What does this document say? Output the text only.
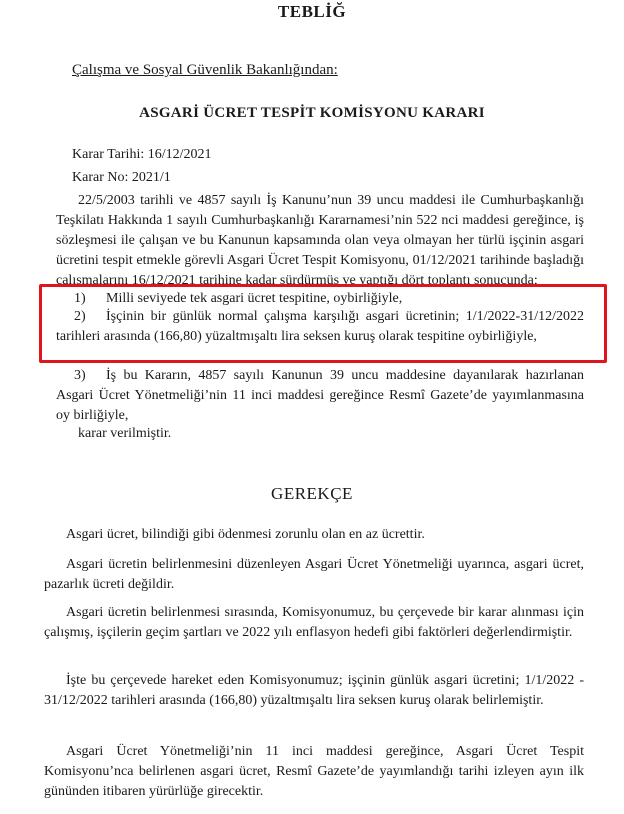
TEBLİĞ
Çalışma ve Sosyal Güvenlik Bakanlığından:
ASGARİ ÜCRET TESPİT KOMİSYONU KARARI
Karar Tarihi: 16/12/2021
Karar No: 2021/1
22/5/2003 tarihli ve 4857 sayılı İş Kanunu’nun 39 uncu maddesi ile Cumhurbaşkanlığı Teşkilatı Hakkında 1 sayılı Cumhurbaşkanlığı Kararnamesi’nin 522 nci maddesi gereğince, iş sözleşmesi ile çalışan ve bu Kanunun kapsamında olan veya olmayan her türlü işçinin asgari ücretini tespit etmekle görevli Asgari Ücret Tespit Komisyonu, 01/12/2021 tarihinde başladığı çalışmalarını 16/12/2021 tarihine kadar sürdürmüş ve yaptığı dört toplantı sonucunda;
1) Milli seviyede tek asgari ücret tespitine, oybirliğiyle,
2) İşçinin bir günlük normal çalışma karşılığı asgari ücretinin; 1/1/2022-31/12/2022 tarihleri arasında (166,80) yüzaltmışaltı lira seksen kuruş olarak tespitine oybirliğiyle,
3) İş bu Kararın, 4857 sayılı Kanunun 39 uncu maddesine dayanılarak hazırlanan Asgari Ücret Yönetmeliği’nin 11 inci maddesi gereğince Resmî Gazete’de yayımlanmasına oy birliğiyle,
karar verilmiştir.
GEREKÇE
Asgari ücret, bilindiği gibi ödenmesi zorunlu olan en az ücrettir.
Asgari ücretin belirlenmesini düzenleyen Asgari Ücret Yönetmeliği uyarınca, asgari ücret, pazarlık ücreti değildir.
Asgari ücretin belirlenmesi sırasında, Komisyonumuz, bu çerçevede bir karar alınması için çalışmış, işçilerin geçim şartları ve 2022 yılı enflasyon hedefi gibi faktörleri değerlendirmiştir.
İşte bu çerçevede hareket eden Komisyonumuz; işçinin günlük asgari ücretini; 1/1/2022 - 31/12/2022 tarihleri arasında (166,80) yüzaltmışaltı lira seksen kuruş olarak belirlemiştir.
Asgari Ücret Yönetmeliği’nin 11 inci maddesi gereğince, Asgari Ücret Tespit Komisyonu’nca belirlenen asgari ücret, Resmî Gazete’de yayımlandığı tarihi izleyen ayın ilk gününden itibaren yürürlüğe girecektir.
